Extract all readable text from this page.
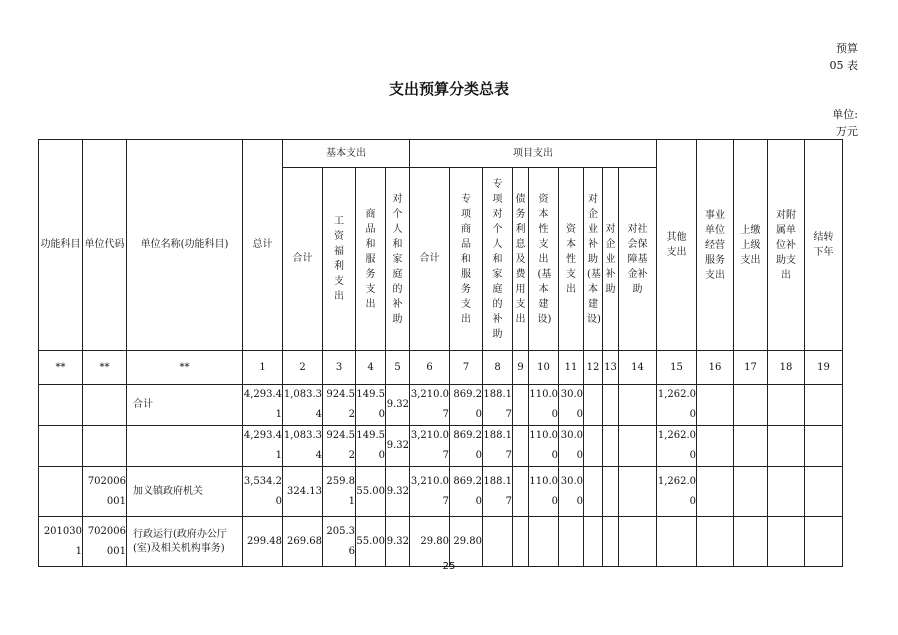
预算
05 表
支出预算分类总表
单位:
万元
功能科目	单位代码	单位名称(功能科目)	总计	基本支出				项目支出									其他支出	事业单位经营服务支出	上缴上级支出	对附属单位补助支出	结转下年
				合计	工资福利支出	商品和服务支出	对个人和家庭的补助	合计	专项商品和服务支出	专项对个人和家庭的补助	债务利息及费用支出	资本性支出(基本建设)	资本性支出	对企业补助(基本建设)	对企业补助	对社会保障基金补助					
**	**	**	1	2	3	4	5	6	7	8	9	10	11	12	13	14	15	16	17	18	19
		合计	4,293.41	1,083.34	924.52	149.50	9.32	3,210.07	869.20	188.17		110.00	30.00				1,262.00				
			4,293.41	1,083.34	924.52	149.50	9.32	3,210.07	869.20	188.17		110.00	30.00				1,262.00				
	702006001	加义镇政府机关	3,534.20	324.13	259.81	55.00	9.32	3,210.07	869.20	188.17		110.00	30.00				1,262.00				
2010301	702006001	行政运行(政府办公厅(室)及相关机构事务)	299.48	269.68	205.36	55.00	9.32	29.80	29.80												
25
